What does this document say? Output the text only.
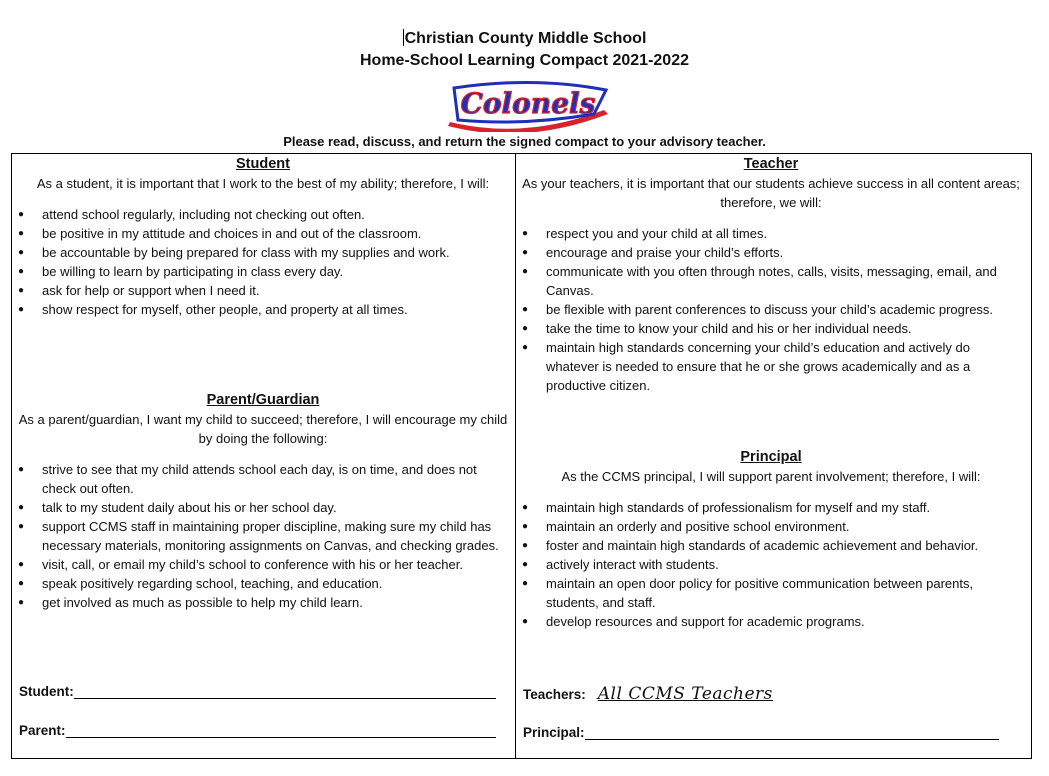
Christian County Middle School
Home-School Learning Compact 2021-2022
Colonels
Please read, discuss, and return the signed compact to your advisory teacher.
Student
As a student, it is important that I work to the best of my ability; therefore, I will:
● attend school regularly, including not checking out often.
● be positive in my attitude and choices in and out of the classroom.
● be accountable by being prepared for class with my supplies and work.
● be willing to learn by participating in class every day.
● ask for help or support when I need it.
● show respect for myself, other people, and property at all times.
Parent/Guardian
As a parent/guardian, I want my child to succeed; therefore, I will encourage my child by doing the following:
● strive to see that my child attends school each day, is on time, and does not check out often.
● talk to my student daily about his or her school day.
● support CCMS staff in maintaining proper discipline, making sure my child has necessary materials, monitoring assignments on Canvas, and checking grades.
● visit, call, or email my child’s school to conference with his or her teacher.
● speak positively regarding school, teaching, and education.
● get involved as much as possible to help my child learn.
Teacher
As your teachers, it is important that our students achieve success in all content areas; therefore, we will:
● respect you and your child at all times.
● encourage and praise your child’s efforts.
● communicate with you often through notes, calls, visits, messaging, email, and Canvas.
● be flexible with parent conferences to discuss your child’s academic progress.
● take the time to know your child and his or her individual needs.
● maintain high standards concerning your child’s education and actively do whatever is needed to ensure that he or she grows academically and as a productive citizen.
Principal
As the CCMS principal, I will support parent involvement; therefore, I will:
● maintain high standards of professionalism for myself and my staff.
● maintain an orderly and positive school environment.
● foster and maintain high standards of academic achievement and behavior.
● actively interact with students.
● maintain an open door policy for positive communication between parents, students, and staff.
● develop resources and support for academic programs.
Student:
Parent:
Teachers: All CCMS Teachers
Principal:
